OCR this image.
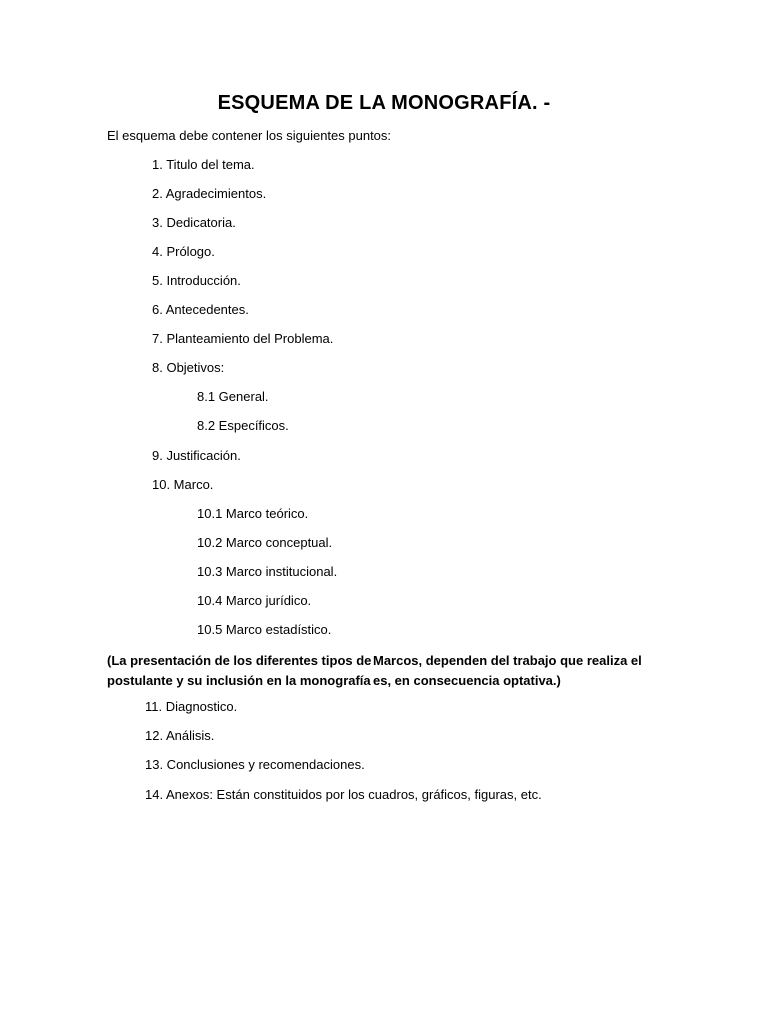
ESQUEMA DE LA MONOGRAFÍA. -
El esquema debe contener los siguientes puntos:
1. Titulo del tema.
2. Agradecimientos.
3. Dedicatoria.
4. Prólogo.
5. Introducción.
6. Antecedentes.
7. Planteamiento del Problema.
8. Objetivos:
8.1 General.
8.2 Específicos.
9. Justificación.
10. Marco.
10.1 Marco teórico.
10.2 Marco conceptual.
10.3 Marco institucional.
10.4 Marco jurídico.
10.5 Marco estadístico.
(La presentación de los diferentes tipos de
postulante y su inclusión en la monografía
Marcos, dependen del trabajo que realiza el
es, en consecuencia optativa.)
11. Diagnostico.
12. Análisis.
13. Conclusiones y recomendaciones.
14. Anexos: Están constituidos por los cuadros, gráficos, figuras, etc.
